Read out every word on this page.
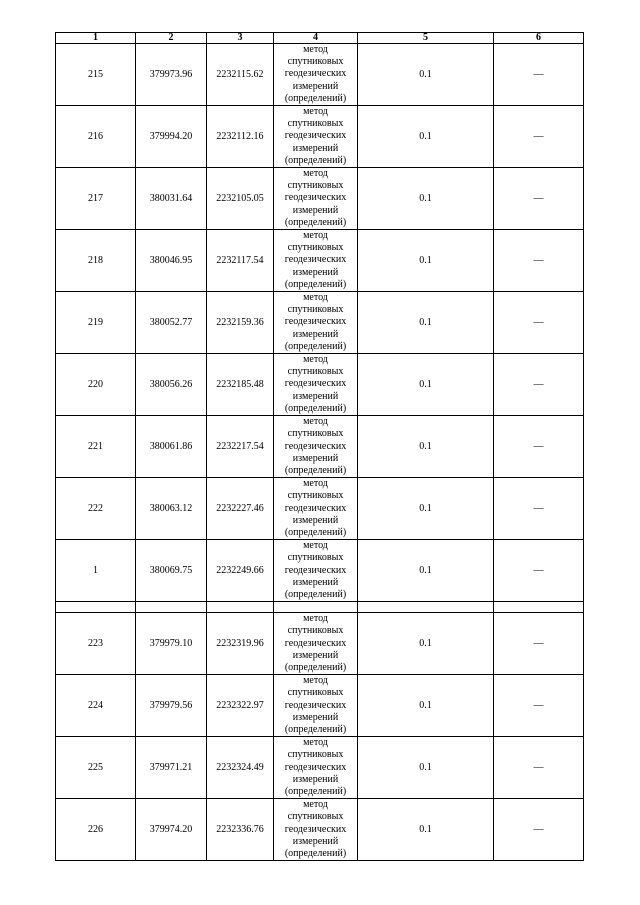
1	2	3	4	5	6
215	379973.96	2232115.62	метод
спутниковых
геодезических
измерений
(определений)	0.1	—
216	379994.20	2232112.16	метод
спутниковых
геодезических
измерений
(определений)	0.1	—
217	380031.64	2232105.05	метод
спутниковых
геодезических
измерений
(определений)	0.1	—
218	380046.95	2232117.54	метод
спутниковых
геодезических
измерений
(определений)	0.1	—
219	380052.77	2232159.36	метод
спутниковых
геодезических
измерений
(определений)	0.1	—
220	380056.26	2232185.48	метод
спутниковых
геодезических
измерений
(определений)	0.1	—
221	380061.86	2232217.54	метод
спутниковых
геодезических
измерений
(определений)	0.1	—
222	380063.12	2232227.46	метод
спутниковых
геодезических
измерений
(определений)	0.1	—
1	380069.75	2232249.66	метод
спутниковых
геодезических
измерений
(определений)	0.1	—

223	379979.10	2232319.96	метод
спутниковых
геодезических
измерений
(определений)	0.1	—
224	379979.56	2232322.97	метод
спутниковых
геодезических
измерений
(определений)	0.1	—
225	379971.21	2232324.49	метод
спутниковых
геодезических
измерений
(определений)	0.1	—
226	379974.20	2232336.76	метод
спутниковых
геодезических
измерений
(определений)	0.1	—
